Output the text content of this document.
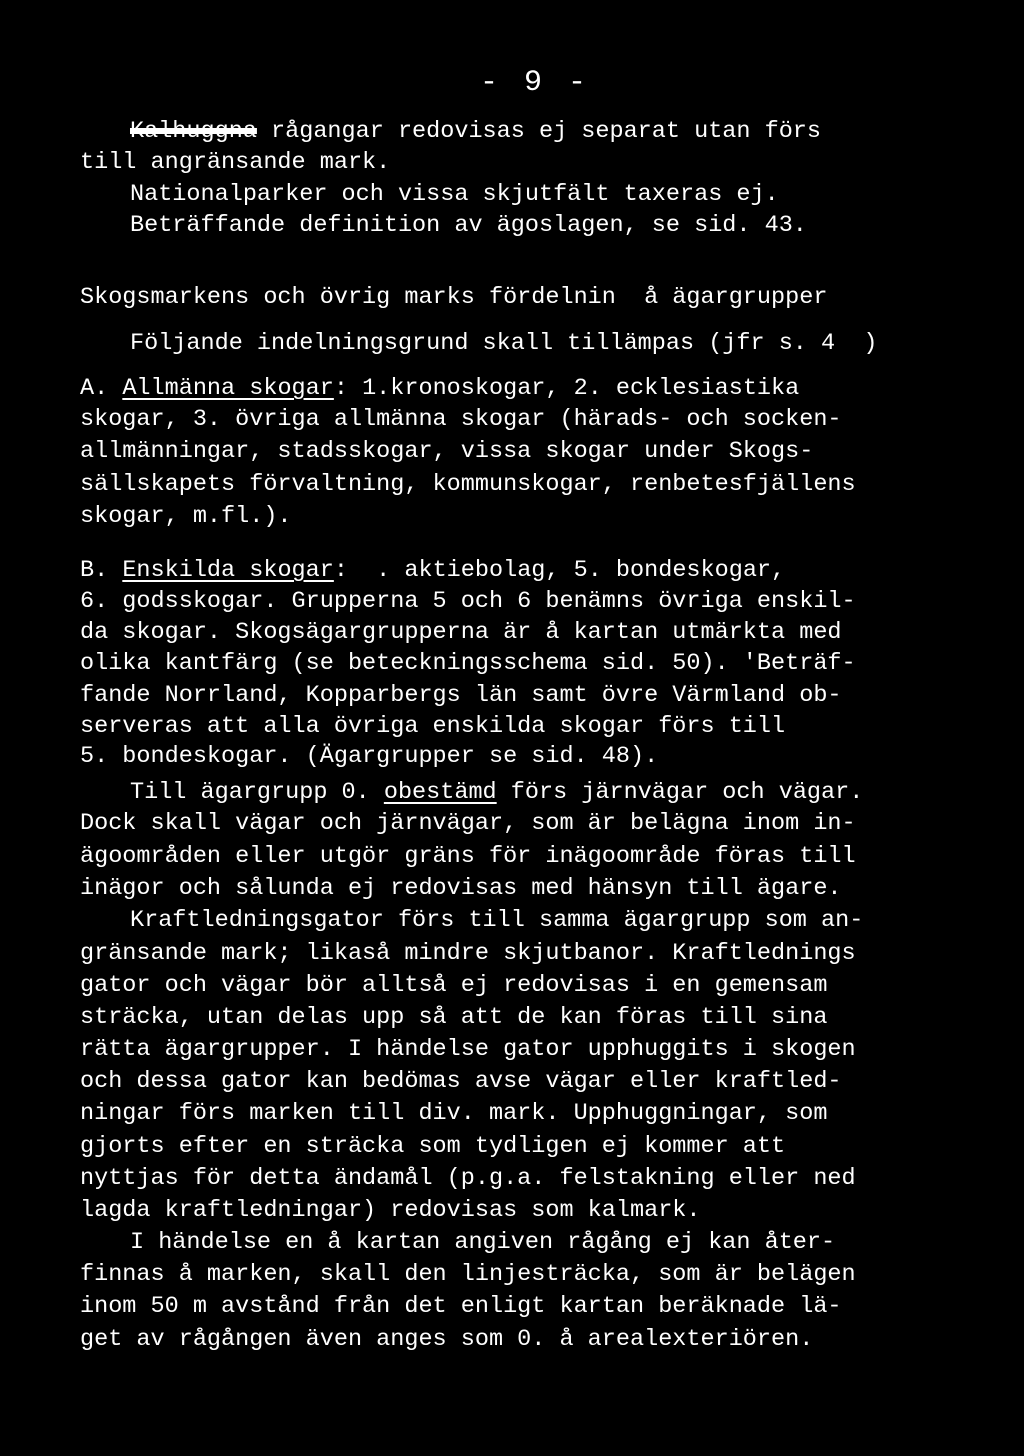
- 9 -
Kalhuggna rågangar redovisas ej separat utan förs
till angränsande mark.
Nationalparker och vissa skjutfält taxeras ej.
Beträffande definition av ägoslagen, se sid. 43.
Skogsmarkens och övrig marks fördelnin  å ägargrupper
Följande indelningsgrund skall tillämpas (jfr s. 4  )
A. Allmänna skogar: 1.kronoskogar, 2. ecklesiastika
skogar, 3. övriga allmänna skogar (härads- och socken-
allmänningar, stadsskogar, vissa skogar under Skogs-
sällskapets förvaltning, kommunskogar, renbetesfjällens
skogar, m.fl.).
B. Enskilda skogar:  . aktiebolag, 5. bondeskogar,
6. godsskogar. Grupperna 5 och 6 benämns övriga enskil-
da skogar. Skogsägargrupperna är å kartan utmärkta med
olika kantfärg (se beteckningsschema sid. 50). 'Beträf-
fande Norrland, Kopparbergs län samt övre Värmland ob-
serveras att alla övriga enskilda skogar förs till
5. bondeskogar. (Ägargrupper se sid. 48).
Till ägargrupp 0. obestämd förs järnvägar och vägar.
Dock skall vägar och järnvägar, som är belägna inom in-
ägoområden eller utgör gräns för inägoområde föras till
inägor och sålunda ej redovisas med hänsyn till ägare.
Kraftledningsgator förs till samma ägargrupp som an-
gränsande mark; likaså mindre skjutbanor. Kraftlednings
gator och vägar bör alltså ej redovisas i en gemensam
sträcka, utan delas upp så att de kan föras till sina
rätta ägargrupper. I händelse gator upphuggits i skogen
och dessa gator kan bedömas avse vägar eller kraftled-
ningar förs marken till div. mark. Upphuggningar, som
gjorts efter en sträcka som tydligen ej kommer att
nyttjas för detta ändamål (p.g.a. felstakning eller ned
lagda kraftledningar) redovisas som kalmark.
I händelse en å kartan angiven rågång ej kan åter-
finnas å marken, skall den linjesträcka, som är belägen
inom 50 m avstånd från det enligt kartan beräknade lä-
get av rågången även anges som 0. å arealexteriören.
